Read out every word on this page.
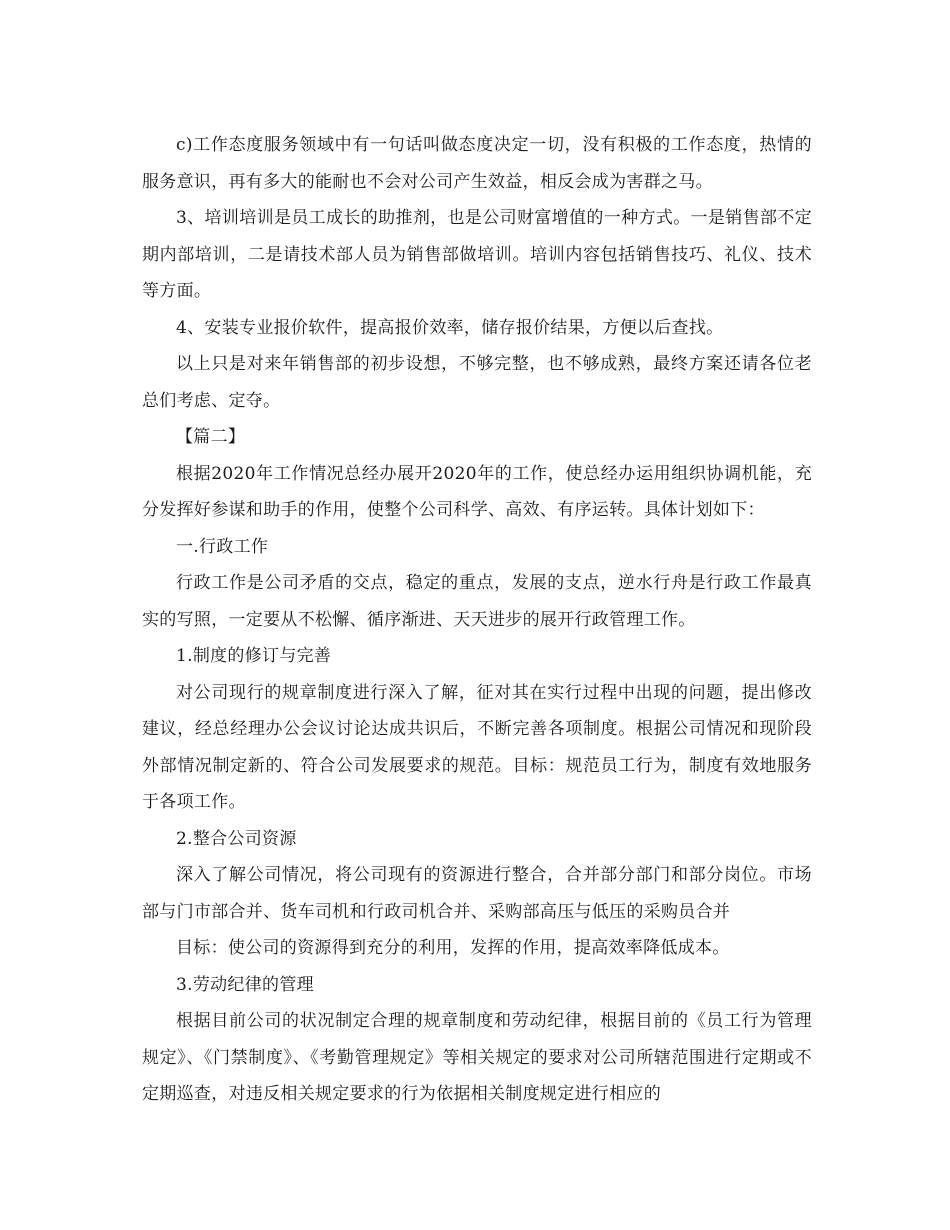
c)工作态度服务领域中有一句话叫做态度决定一切，没有积极的工作态度，热情的服务意识，再有多大的能耐也不会对公司产生效益，相反会成为害群之马。

3、培训培训是员工成长的助推剂，也是公司财富增值的一种方式。一是销售部不定期内部培训，二是请技术部人员为销售部做培训。培训内容包括销售技巧、礼仪、技术等方面。

4、安装专业报价软件，提高报价效率，储存报价结果，方便以后查找。

以上只是对来年销售部的初步设想，不够完整，也不够成熟，最终方案还请各位老总们考虑、定夺。

【篇二】

根据2020年工作情况总经办展开2020年的工作，使总经办运用组织协调机能，充分发挥好参谋和助手的作用，使整个公司科学、高效、有序运转。具体计划如下：

一.行政工作

行政工作是公司矛盾的交点，稳定的重点，发展的支点，逆水行舟是行政工作最真实的写照，一定要从不松懈、循序渐进、天天进步的展开行政管理工作。

1.制度的修订与完善

对公司现行的规章制度进行深入了解，征对其在实行过程中出现的问题，提出修改建议，经总经理办公会议讨论达成共识后，不断完善各项制度。根据公司情况和现阶段外部情况制定新的、符合公司发展要求的规范。目标：规范员工行为，制度有效地服务于各项工作。

2.整合公司资源

深入了解公司情况，将公司现有的资源进行整合，合并部分部门和部分岗位。市场部与门市部合并、货车司机和行政司机合并、采购部高压与低压的采购员合并

目标：使公司的资源得到充分的利用，发挥的作用，提高效率降低成本。

3.劳动纪律的管理

根据目前公司的状况制定合理的规章制度和劳动纪律，根据目前的《员工行为管理规定》、《门禁制度》、《考勤管理规定》等相关规定的要求对公司所辖范围进行定期或不定期巡查，对违反相关规定要求的行为依据相关制度规定进行相应的
